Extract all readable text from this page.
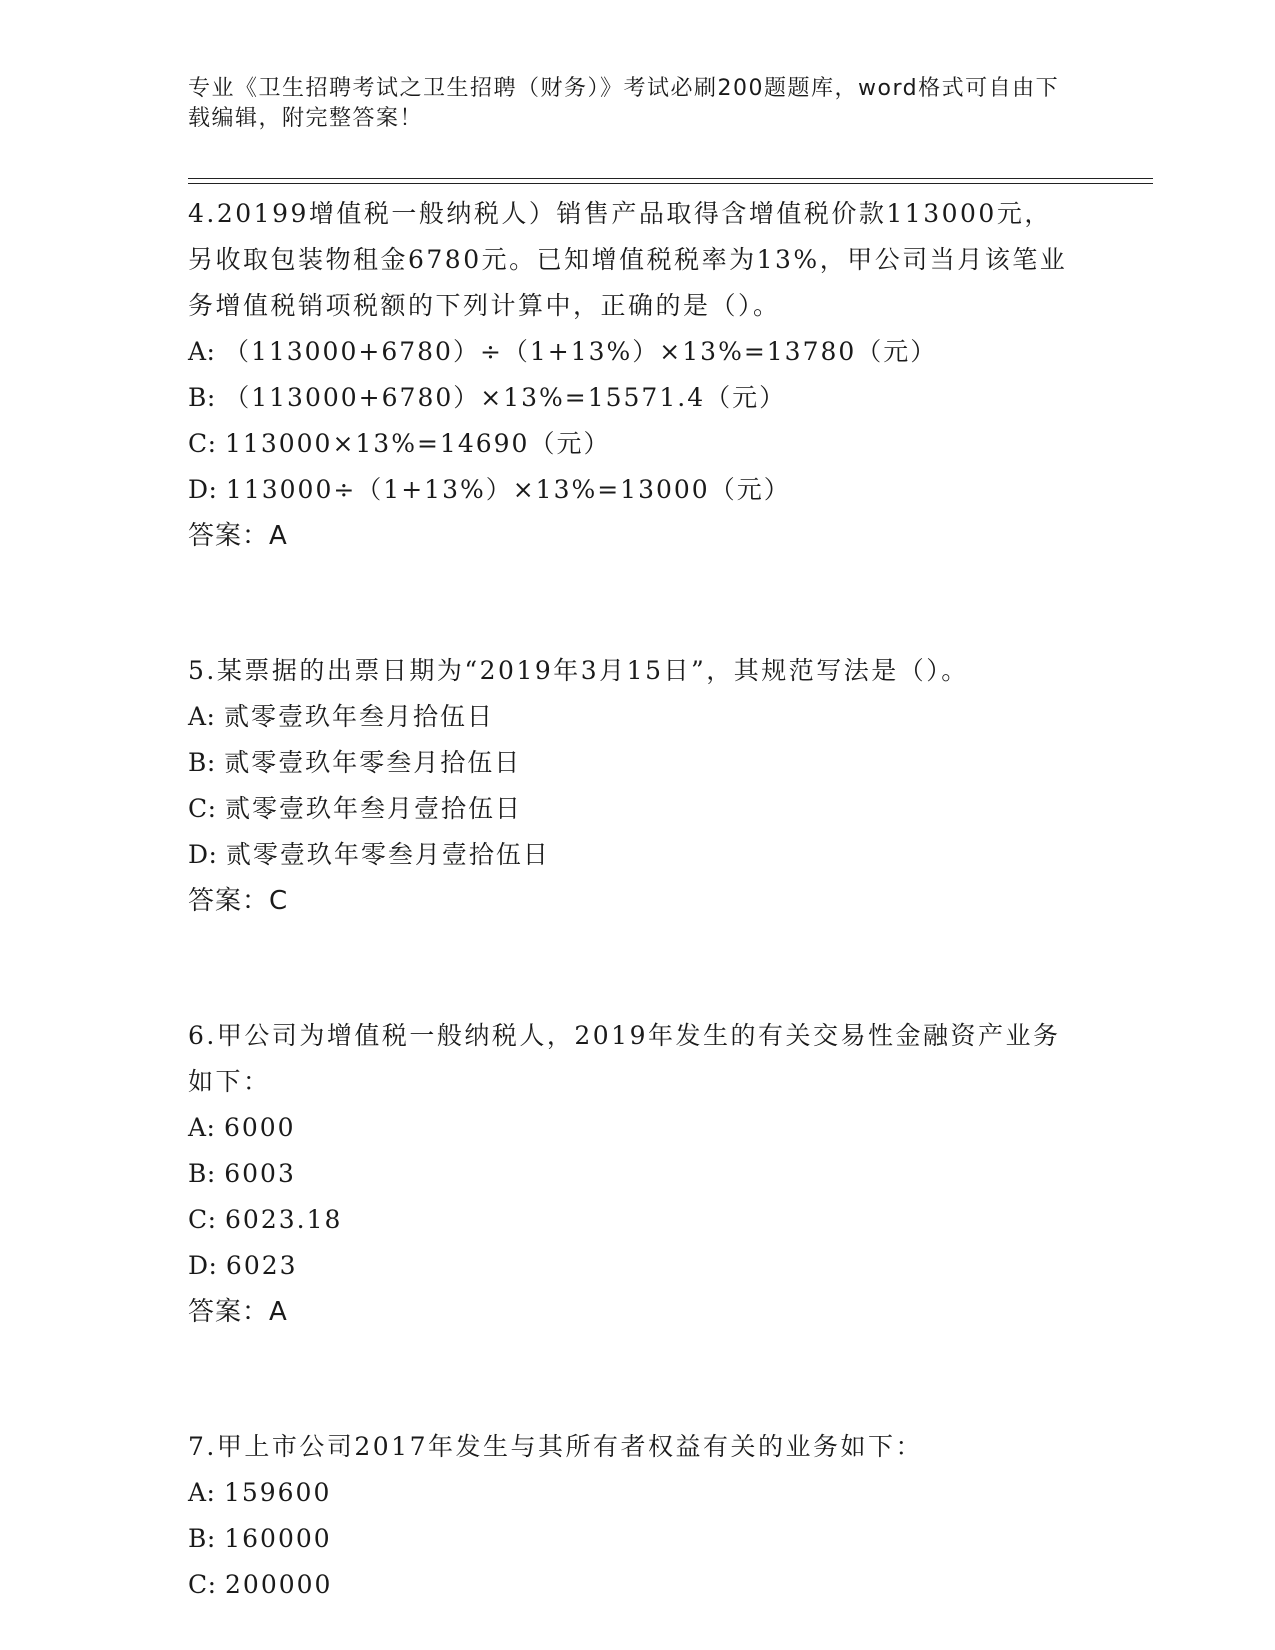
专业《卫生招聘考试之卫生招聘（财务）》考试必刷200题题库，word格式可自由下载编辑，附完整答案！

4.20199增值税一般纳税人）销售产品取得含增值税价款113000元，另收取包装物租金6780元。已知增值税税率为13%，甲公司当月该笔业务增值税销项税额的下列计算中，正确的是（）。

A: （113000+6780）÷（1+13%）×13%=13780（元）

B: （113000+6780）×13%=15571.4（元）

C: 113000×13%=14690（元）

D: 113000÷（1+13%）×13%=13000（元）

答案：A

5.某票据的出票日期为“2019年3月15日”，其规范写法是（）。

A: 贰零壹玖年叁月拾伍日

B: 贰零壹玖年零叁月拾伍日

C: 贰零壹玖年叁月壹拾伍日

D: 贰零壹玖年零叁月壹拾伍日

答案：C

6.甲公司为增值税一般纳税人，2019年发生的有关交易性金融资产业务如下：

A: 6000

B: 6003

C: 6023.18

D: 6023

答案：A

7.甲上市公司2017年发生与其所有者权益有关的业务如下：

A: 159600

B: 160000

C: 200000
